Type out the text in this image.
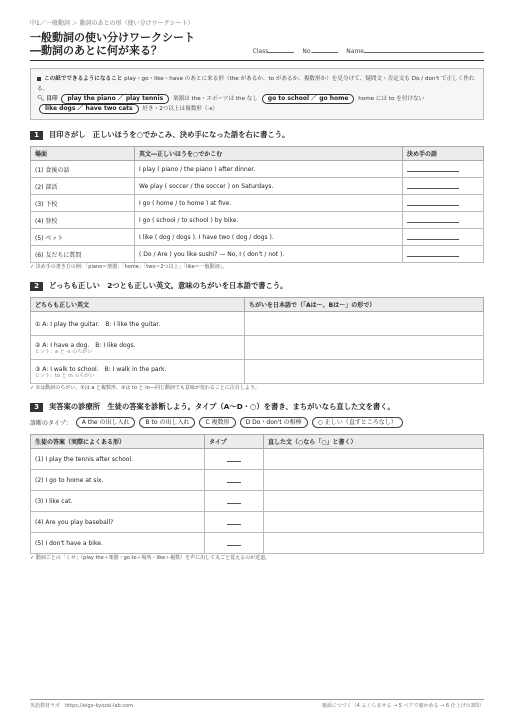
中1／一般動詞 ＞ 動詞のあとの形（使い分けワークシート）
一般動詞の使い分けワークシート
―動詞のあとに何が来る？	Class	No.	Name
この紙でできるようになること play・go・like・have のあとに来る形（the があるか、to があるか、複数形か）を見分けて、疑問文・否定文も Do / don't で正しく作れる。
🔍︎ 目印 play the piano ／ play tennis 楽器は the・スポーツは the なし go to school ／ go home home には to を付けない like dogs ／ have two cats 好き・2つ以上は複数形（-s）
1	目印さがし　正しいほうを○でかこみ、決め手になった語を右に書こう。
場面	英文―正しいほうを○でかこむ	決め手の語
(1) 食後の話	I play ( piano / the piano ) after dinner.	
(2) 部活	We play ( soccer / the soccer ) on Saturdays.	
(3) 下校	I go ( home / to home ) at five.	
(4) 登校	I go ( school / to school ) by bike.	
(5) ペット	I like ( dog / dogs ). I have two ( dog / dogs ).	
(6) 友だちに質問	( Do / Are ) you like sushi? — No, I ( don't / not ).	
✓ 決め手の書き方の例：「piano＝楽器」「home」「two＝2つ以上」「like＝一般動詞」。
2	どっちも正しい　2つとも正しい英文。意味のちがいを日本語で書こう。
どちらも正しい英文	ちがいを日本語で（「Aは〜、Bは〜」の形で）
① A: I play the guitar.　B: I like the guitar.	
② A: I have a dog.　B: I like dogs.
ヒント：a と -s のちがい	

③ A: I walk to school.　B: I walk in the park.
ヒント：to と in のちがい	

✓ ①は動詞のちがい、②は a と複数形、③は to と in―同じ動詞でも意味が変わることに注目しよう。
3	実答案の診療所　生徒の答案を診断しよう。タイプ（A〜D・○）を書き、まちがいなら直した文を書く。
診断のタイプ：	A the の出し入れ	B to の出し入れ	C 複数形	D Do・don't の相棒	○ 正しい（直すところなし）
生徒の答案（実際によくある形）	タイプ	直した文（○なら「○」と書く）
(1) I play the tennis after school.		
(2) I go to home at six.		
(3) I like cat.		
(4) Are you play baseball?		
(5) I don't have a bike.		
✓ 動詞ごとの「くせ」（play the＋楽器・go to＋場所・like＋複数）を声に出して丸ごと覚えるのが近道。
英語教材ラボ　https://eigo-kyozai-lab.com	裏面につづく（4 ふくらませる → 5 ペアで確かめる → 6 仕上げの3問）
